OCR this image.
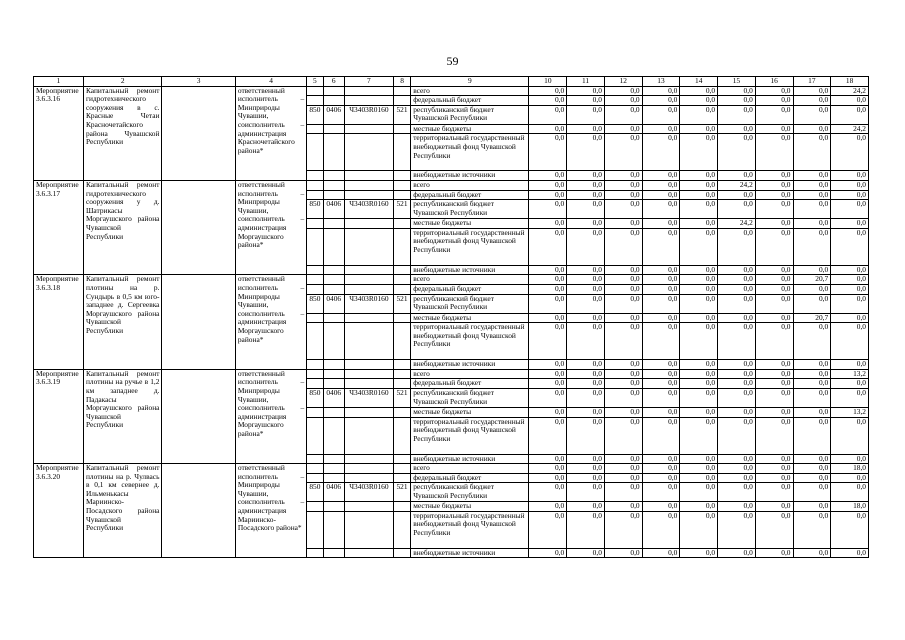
59
1	2	3	4	5	6	7	8	9	10	11	12	13	14	15	16	17	18
Мероприятие 3.6.3.16	Капитальный ремонт гидротехнического сооружения в с. Красные Четаи Красночетайского района Чувашской Республики		ответственный исполнитель – Минприроды Чувашии, соисполнитель – администрация Красночетайского района*					всего	0,0	0,0	0,0	0,0	0,0	0,0	0,0	0,0	24,2
								федеральный бюджет	0,0	0,0	0,0	0,0	0,0	0,0	0,0	0,0	0,0
				850	0406	Ч3403R0160	521	республиканский бюджет Чувашской Республики	0,0	0,0	0,0	0,0	0,0	0,0	0,0	0,0	0,0
								местные бюджеты	0,0	0,0	0,0	0,0	0,0	0,0	0,0	0,0	24,2
								территориальный государственный внебюджетный фонд Чувашской Республики	0,0	0,0	0,0	0,0	0,0	0,0	0,0	0,0	0,0
								внебюджетные источники	0,0	0,0	0,0	0,0	0,0	0,0	0,0	0,0	0,0
Мероприятие 3.6.3.17	Капитальный ремонт гидротехнического сооружения у д. Шатрикасы Моргаушского района Чувашской Республики		ответственный исполнитель – Минприроды Чувашии, соисполнитель – администрация Моргаушского района*					всего	0,0	0,0	0,0	0,0	0,0	24,2	0,0	0,0	0,0
								федеральный бюджет	0,0	0,0	0,0	0,0	0,0	0,0	0,0	0,0	0,0
				850	0406	Ч3403R0160	521	республиканский бюджет Чувашской Республики	0,0	0,0	0,0	0,0	0,0	0,0	0,0	0,0	0,0
								местные бюджеты	0,0	0,0	0,0	0,0	0,0	24,2	0,0	0,0	0,0
								территориальный государственный внебюджетный фонд Чувашской Республики	0,0	0,0	0,0	0,0	0,0	0,0	0,0	0,0	0,0
								внебюджетные источники	0,0	0,0	0,0	0,0	0,0	0,0	0,0	0,0	0,0
Мероприятие 3.6.3.18	Капитальный ремонт плотины на р. Сундырь в 0,5 км юго-западнее д. Сергеевка Моргаушского района Чувашской Республики		ответственный исполнитель – Минприроды Чувашии, соисполнитель – администрация Моргаушского района*					всего	0,0	0,0	0,0	0,0	0,0	0,0	0,0	20,7	0,0
								федеральный бюджет	0,0	0,0	0,0	0,0	0,0	0,0	0,0	0,0	0,0
				850	0406	Ч3403R0160	521	республиканский бюджет Чувашской Республики	0,0	0,0	0,0	0,0	0,0	0,0	0,0	0,0	0,0
								местные бюджеты	0,0	0,0	0,0	0,0	0,0	0,0	0,0	20,7	0,0
								территориальный государственный внебюджетный фонд Чувашской Республики	0,0	0,0	0,0	0,0	0,0	0,0	0,0	0,0	0,0
								внебюджетные источники	0,0	0,0	0,0	0,0	0,0	0,0	0,0	0,0	0,0
Мероприятие 3.6.3.19	Капитальный ремонт плотины на ручье в 1,2 км западнее д. Падакасы Моргаушского района Чувашской Республики		ответственный исполнитель – Минприроды Чувашии, соисполнитель – администрация Моргаушского района*					всего	0,0	0,0	0,0	0,0	0,0	0,0	0,0	0,0	13,2
								федеральный бюджет	0,0	0,0	0,0	0,0	0,0	0,0	0,0	0,0	0,0
				850	0406	Ч3403R0160	521	республиканский бюджет Чувашской Республики	0,0	0,0	0,0	0,0	0,0	0,0	0,0	0,0	0,0
								местные бюджеты	0,0	0,0	0,0	0,0	0,0	0,0	0,0	0,0	13,2
								территориальный государственный внебюджетный фонд Чувашской Республики	0,0	0,0	0,0	0,0	0,0	0,0	0,0	0,0	0,0
								внебюджетные источники	0,0	0,0	0,0	0,0	0,0	0,0	0,0	0,0	0,0
Мероприятие 3.6.3.20	Капитальный ремонт плотины на р. Чулвась в 0,1 км севернее д. Ильменькасы Мариинско-Посадского района Чувашской Республики		ответственный исполнитель – Минприроды Чувашии, соисполнитель – администрация Мариинско-Посадского района*					всего	0,0	0,0	0,0	0,0	0,0	0,0	0,0	0,0	18,0
								федеральный бюджет	0,0	0,0	0,0	0,0	0,0	0,0	0,0	0,0	0,0
				850	0406	Ч3403R0160	521	республиканский бюджет Чувашской Республики	0,0	0,0	0,0	0,0	0,0	0,0	0,0	0,0	0,0
								местные бюджеты	0,0	0,0	0,0	0,0	0,0	0,0	0,0	0,0	18,0
								территориальный государственный внебюджетный фонд Чувашской Республики	0,0	0,0	0,0	0,0	0,0	0,0	0,0	0,0	0,0
								внебюджетные источники	0,0	0,0	0,0	0,0	0,0	0,0	0,0	0,0	0,0
